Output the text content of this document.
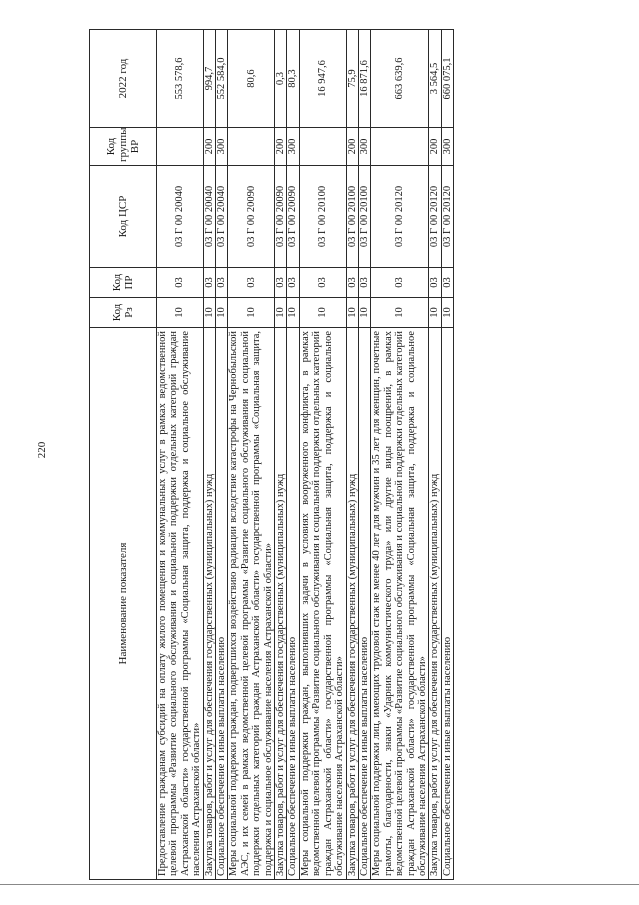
220
Наименование показателя	Код Рз	Код ПР	Код ЦСР	Код группы ВР	2022 год
Предоставление гражданам субсидий на оплату жилого помещения и коммунальных услуг в рамках ведомственной целевой программы «Развитие социального обслуживания и социальной поддержки отдельных категорий граждан Астраханской области» государственной программы «Социальная защита, поддержка и социальное обслуживание населения Астраханской области»	10	03	03 Г 00 20040		553 578,6
Закупка товаров, работ и услуг для обеспечения государственных (муниципальных) нужд	10	03	03 Г 00 20040	200	994,7
Социальное обеспечение и иные выплаты населению	10	03	03 Г 00 20040	300	552 584,0
Меры социальной поддержки граждан, подвергшихся воздействию радиации вследствие катастрофы на Чернобыльской АЭС, и их семей в рамках ведомственной целевой программы «Развитие социального обслуживания и социальной поддержки отдельных категорий граждан Астраханской области» государственной программы «Социальная защита, поддержка и социальное обслуживание населения Астраханской области»	10	03	03 Г 00 20090		80,6
Закупка товаров, работ и услуг для обеспечения государственных (муниципальных) нужд	10	03	03 Г 00 20090	200	0,3
Социальное обеспечение и иные выплаты населению	10	03	03 Г 00 20090	300	80,3
Меры социальной поддержки граждан, выполнивших задачи в условиях вооруженного конфликта, в рамках ведомственной целевой программы «Развитие социального обслуживания и социальной поддержки отдельных категорий граждан Астраханской области» государственной программы «Социальная защита, поддержка и социальное обслуживание населения Астраханской области»	10	03	03 Г 00 20100		16 947,6
Закупка товаров, работ и услуг для обеспечения государственных (муниципальных) нужд	10	03	03 Г 00 20100	200	75,9
Социальное обеспечение и иные выплаты населению	10	03	03 Г 00 20100	300	16 871,6
Меры социальной поддержки лиц, имеющих трудовой стаж не менее 40 лет для мужчин и 35 лет для женщин, почетные грамоты, благодарности, знаки «Ударник коммунистического труда» или другие виды поощрений, в рамках ведомственной целевой программы «Развитие социального обслуживания и социальной поддержки отдельных категорий граждан Астраханской области» государственной программы «Социальная защита, поддержка и социальное обслуживание населения Астраханской области»	10	03	03 Г 00 20120		663 639,6
Закупка товаров, работ и услуг для обеспечения государственных (муниципальных) нужд	10	03	03 Г 00 20120	200	3 564,5
Социальное обеспечение и иные выплаты населению	10	03	03 Г 00 20120	300	660 075,1
